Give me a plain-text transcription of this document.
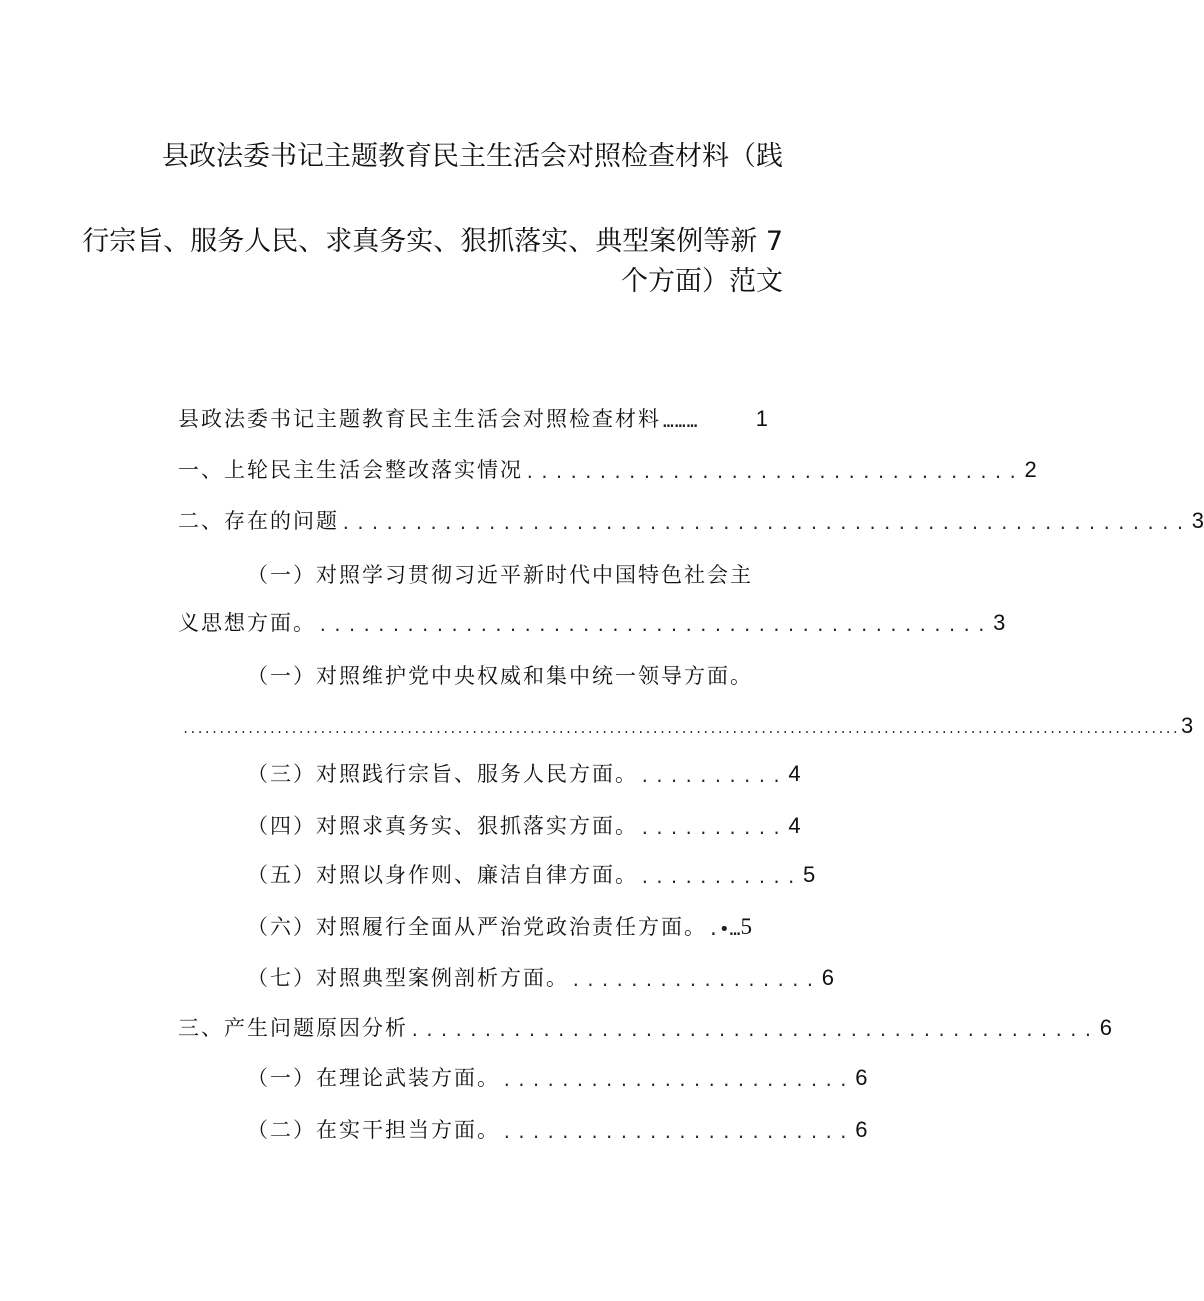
县政法委书记主题教育民主生活会对照检查材料（践
行宗旨、服务人民、求真务实、狠抓落实、典型案例等新 7
个方面）范文
县政法委书记主题教育民主生活会对照检查材料 ………	1
一、上轮民主生活会整改落实情况 .................................. 2
二、存在的问题 .......................................................... 3
（一）对照学习贯彻习近平新时代中国特色社会主
义思想方面。 .............................................. 3
（一）对照维护党中央权威和集中统一领导方面。
.......................................................................................................................................... 3
（三）对照践行宗旨、服务人民方面。 .......... 4
（四）对照求真务实、狠抓落实方面。 .......... 4
（五）对照以身作则、廉洁自律方面。 ........... 5
（六）对照履行全面从严治党政治责任方面。 .•… 5
（七）对照典型案例剖析方面。 ................. 6
三、产生问题原因分析 ............................................... 6
（一）在理论武装方面。 ........................ 6
（二）在实干担当方面。 ........................ 6
